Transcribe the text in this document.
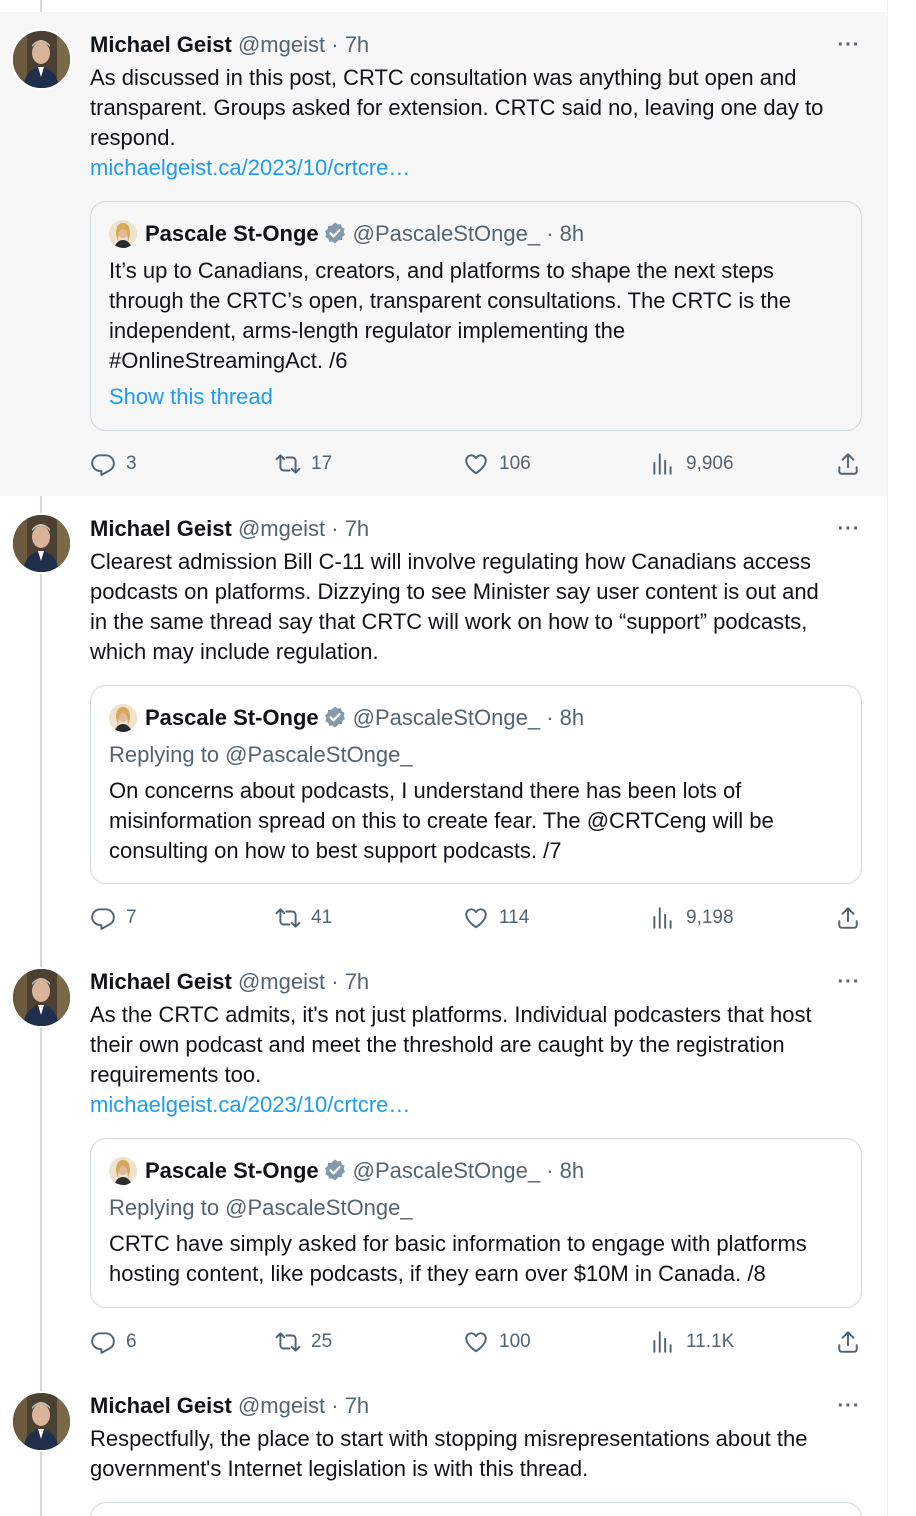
Michael Geist @mgeist · 7h	···
As discussed in this post, CRTC consultation was anything but open and
transparent. Groups asked for extension. CRTC said no, leaving one day to
respond.
michaelgeist.ca/2023/10/crtcre…
Pascale St-Onge @PascaleStOnge_ · 8h
It’s up to Canadians, creators, and platforms to shape the next steps
through the CRTC’s open, transparent consultations. The CRTC is the
independent, arms-length regulator implementing the
#OnlineStreamingAct. /6
Show this thread
3	17	106	9,906
Michael Geist @mgeist · 7h	···
Clearest admission Bill C-11 will involve regulating how Canadians access
podcasts on platforms. Dizzying to see Minister say user content is out and
in the same thread say that CRTC will work on how to “support” podcasts,
which may include regulation.
Pascale St-Onge @PascaleStOnge_ · 8h
Replying to @PascaleStOnge_
On concerns about podcasts, I understand there has been lots of
misinformation spread on this to create fear. The @CRTCeng will be
consulting on how to best support podcasts. /7
7	41	114	9,198
Michael Geist @mgeist · 7h	···
As the CRTC admits, it's not just platforms. Individual podcasters that host
their own podcast and meet the threshold are caught by the registration
requirements too.
michaelgeist.ca/2023/10/crtcre…
Pascale St-Onge @PascaleStOnge_ · 8h
Replying to @PascaleStOnge_
CRTC have simply asked for basic information to engage with platforms
hosting content, like podcasts, if they earn over $10M in Canada. /8
6	25	100	11.1K
Michael Geist @mgeist · 7h	···
Respectfully, the place to start with stopping misrepresentations about the
government's Internet legislation is with this thread.
